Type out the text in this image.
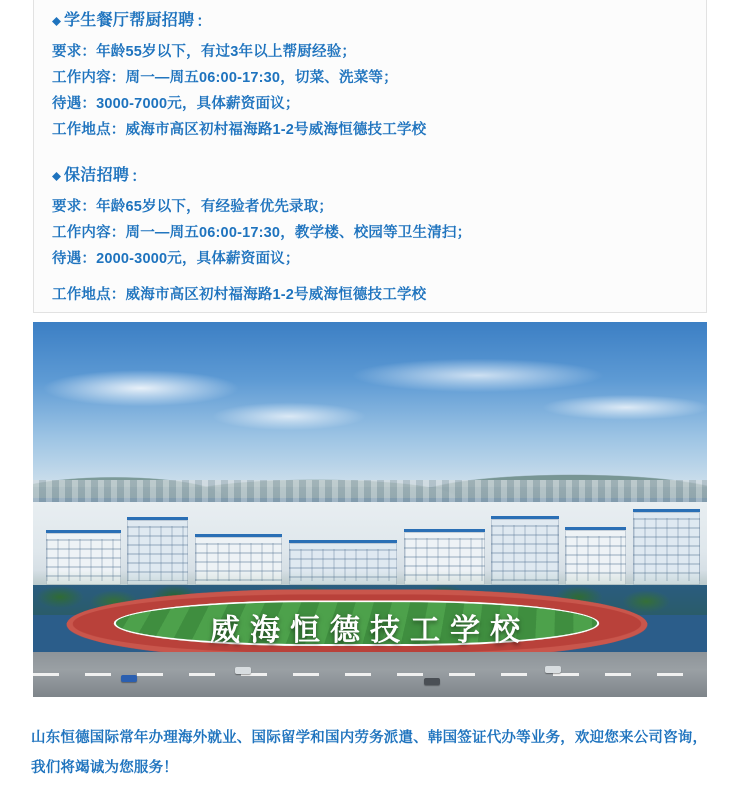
学生餐厅帮厨招聘 ：

要求：年龄55岁以下，有过3年以上帮厨经验；

工作内容：周一—周五06:00-17:30，切菜、洗菜等；

待遇：3000-7000元，具体薪资面议；

工作地点：威海市高区初村福海路1-2号威海恒德技工学校

保洁招聘 ：

要求：年龄65岁以下，有经验者优先录取；

工作内容：周一—周五06:00-17:30，教学楼、校园等卫生清扫；

待遇：2000-3000元，具体薪资面议；

工作地点：威海市高区初村福海路1-2号威海恒德技工学校

威海恒德技工学校
山东恒德国际常年办理海外就业、国际留学和国内劳务派遣、韩国签证代办等业务，欢迎您来公司咨询，我们将竭诚为您服务！
